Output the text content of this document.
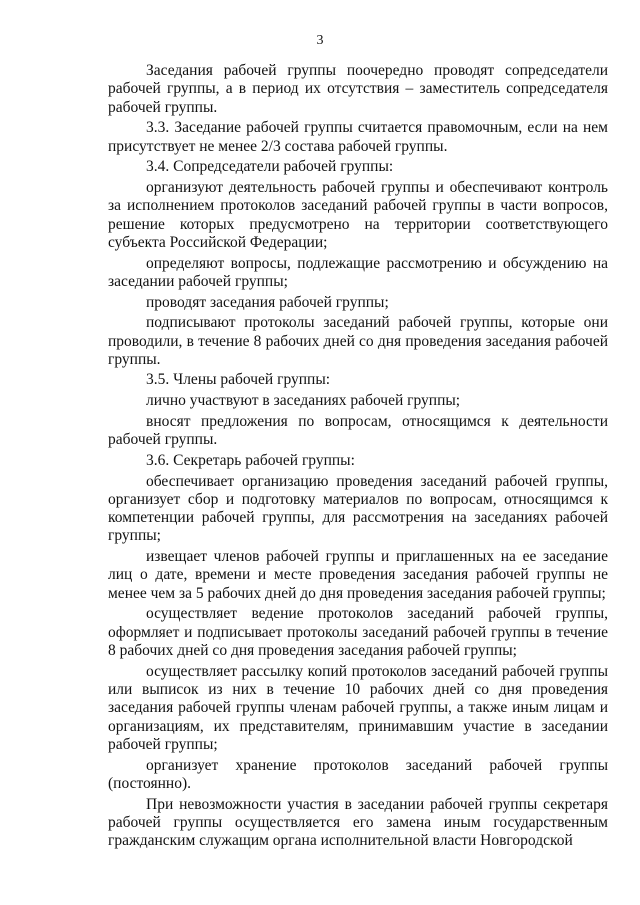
3

Заседания рабочей группы поочередно проводят сопредседатели рабочей группы, а в период их отсутствия – заместитель сопредседателя рабочей группы.

3.3. Заседание рабочей группы считается правомочным, если на нем присутствует не менее 2/3 состава рабочей группы.

3.4. Сопредседатели рабочей группы:

организуют деятельность рабочей группы и обеспечивают контроль за исполнением протоколов заседаний рабочей группы в части вопросов, решение которых предусмотрено на территории соответствующего субъекта Российской Федерации;

определяют вопросы, подлежащие рассмотрению и обсуждению на заседании рабочей группы;

проводят заседания рабочей группы;

подписывают протоколы заседаний рабочей группы, которые они проводили, в течение 8 рабочих дней со дня проведения заседания рабочей группы.

3.5. Члены рабочей группы:

лично участвуют в заседаниях рабочей группы;

вносят предложения по вопросам, относящимся к деятельности рабочей группы.

3.6. Секретарь рабочей группы:

обеспечивает организацию проведения заседаний рабочей группы, организует сбор и подготовку материалов по вопросам, относящимся к компетенции рабочей группы, для рассмотрения на заседаниях рабочей группы;

извещает членов рабочей группы и приглашенных на ее заседание лиц о дате, времени и месте проведения заседания рабочей группы не менее чем за 5 рабочих дней до дня проведения заседания рабочей группы;

осуществляет ведение протоколов заседаний рабочей группы, оформляет и подписывает протоколы заседаний рабочей группы в течение 8 рабочих дней со дня проведения заседания рабочей группы;

осуществляет рассылку копий протоколов заседаний рабочей группы или выписок из них в течение 10 рабочих дней со дня проведения заседания рабочей группы членам рабочей группы, а также иным лицам и организациям, их представителям, принимавшим участие в заседании рабочей группы;

организует хранение протоколов заседаний рабочей группы (постоянно).

При невозможности участия в заседании рабочей группы секретаря рабочей группы осуществляется его замена иным государственным гражданским служащим органа исполнительной власти Новгородской
